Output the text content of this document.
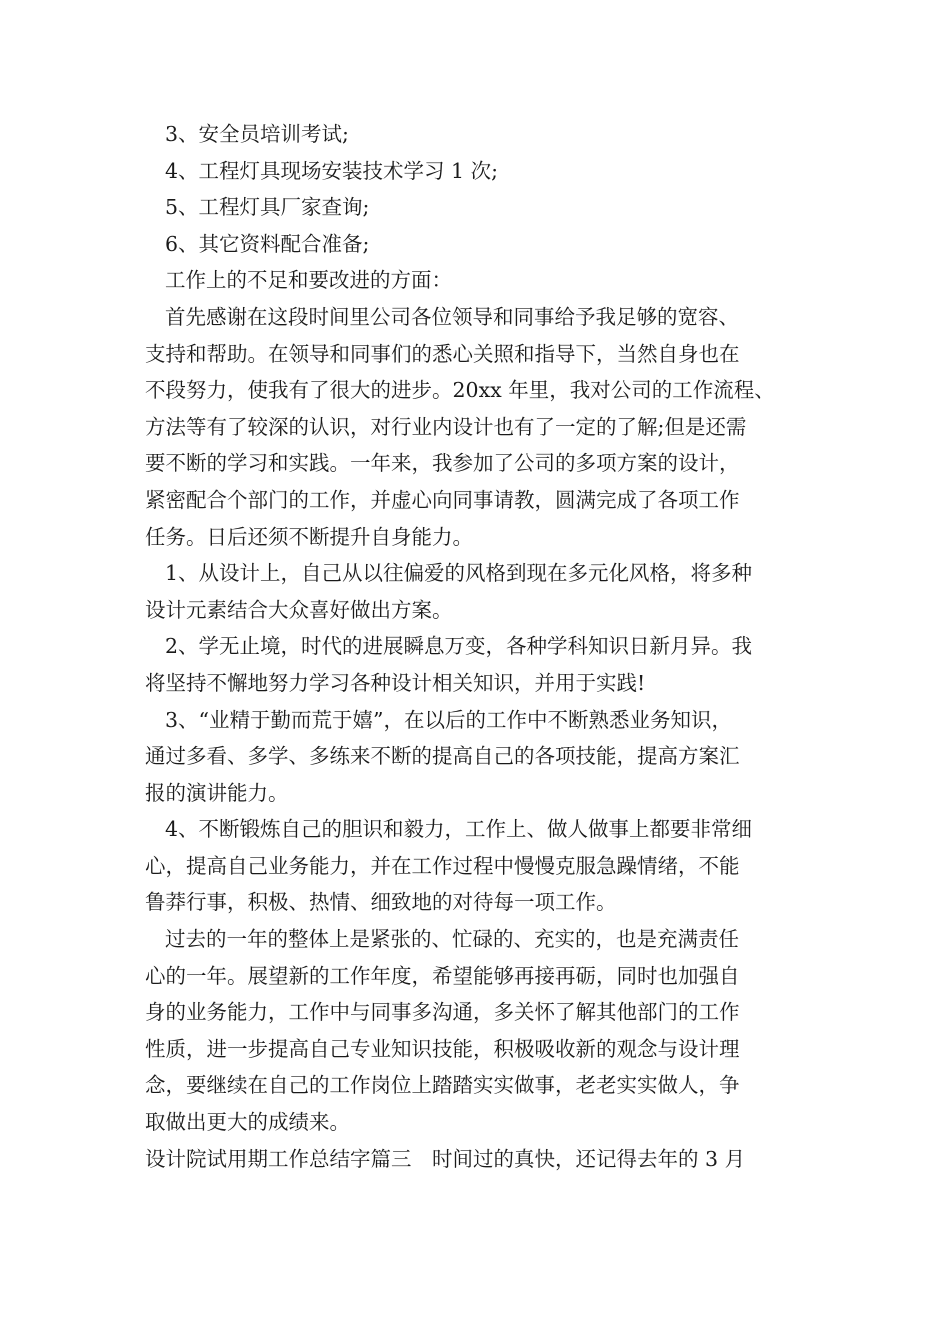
3、安全员培训考试;
4、工程灯具现场安装技术学习 1 次;
5、工程灯具厂家查询;
6、其它资料配合准备;
工作上的不足和要改进的方面：
首先感谢在这段时间里公司各位领导和同事给予我足够的宽容、
支持和帮助。在领导和同事们的悉心关照和指导下，当然自身也在
不段努力，使我有了很大的进步。20xx 年里，我对公司的工作流程、
方法等有了较深的认识，对行业内设计也有了一定的了解;但是还需
要不断的学习和实践。一年来，我参加了公司的多项方案的设计，
紧密配合个部门的工作，并虚心向同事请教，圆满完成了各项工作
任务。日后还须不断提升自身能力。
1、从设计上，自己从以往偏爱的风格到现在多元化风格，将多种
设计元素结合大众喜好做出方案。
2、学无止境，时代的进展瞬息万变，各种学科知识日新月异。我
将坚持不懈地努力学习各种设计相关知识，并用于实践!
3、“业精于勤而荒于嬉”，在以后的工作中不断熟悉业务知识，
通过多看、多学、多练来不断的提高自己的各项技能，提高方案汇
报的演讲能力。
4、不断锻炼自己的胆识和毅力，工作上、做人做事上都要非常细
心，提高自己业务能力，并在工作过程中慢慢克服急躁情绪，不能
鲁莽行事，积极、热情、细致地的对待每一项工作。
过去的一年的整体上是紧张的、忙碌的、充实的，也是充满责任
心的一年。展望新的工作年度，希望能够再接再砺，同时也加强自
身的业务能力，工作中与同事多沟通，多关怀了解其他部门的工作
性质，进一步提高自己专业知识技能，积极吸收新的观念与设计理
念，要继续在自己的工作岗位上踏踏实实做事，老老实实做人，争
取做出更大的成绩来。
设计院试用期工作总结字篇三　时间过的真快，还记得去年的 3 月
